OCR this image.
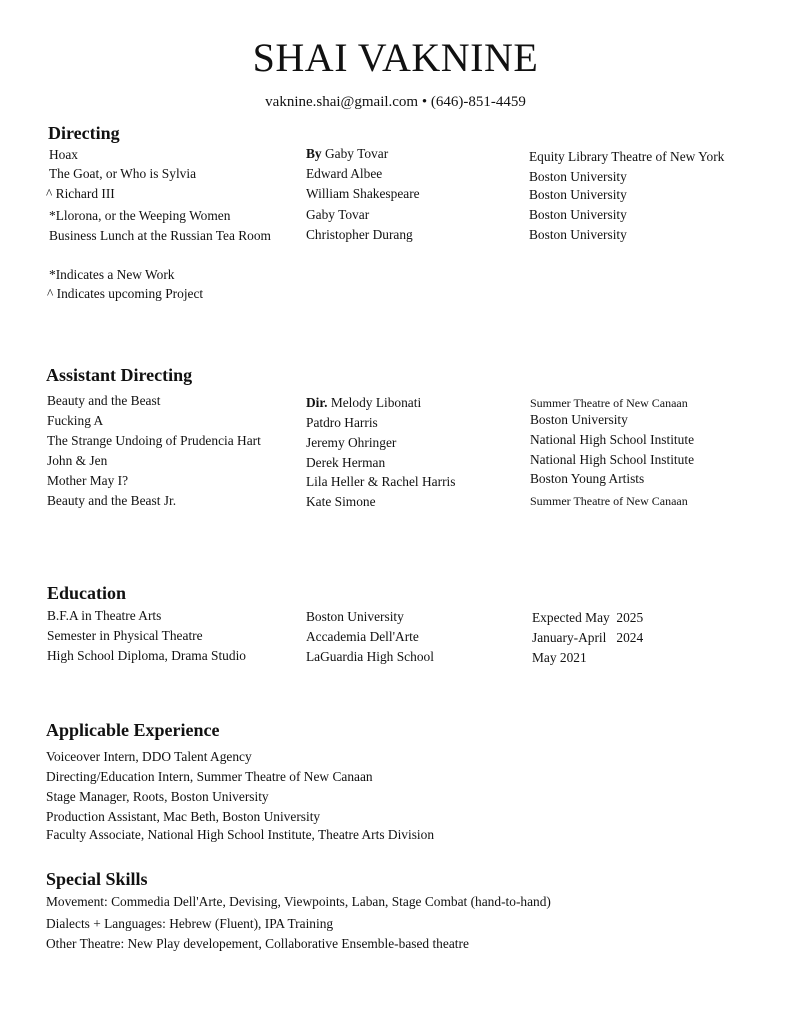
SHAI VAKNINE
vaknine.shai@gmail.com • (646)-851-4459
Directing
Hoax	By Gaby Tovar	Equity Library Theatre of New York
The Goat, or Who is Sylvia	Edward Albee	Boston University
^ Richard III	William Shakespeare	Boston University
*Llorona, or the Weeping Women	Gaby Tovar	Boston University
Business Lunch at the Russian Tea Room	Christopher Durang	Boston University
*Indicates a New Work
^ Indicates upcoming Project
Assistant Directing
Beauty and the Beast	Dir. Melody Libonati	Summer Theatre of New Canaan
Fucking A	Patdro Harris	Boston University
The Strange Undoing of Prudencia Hart	Jeremy Ohringer	National High School Institute
John & Jen	Derek Herman	National High School Institute
Mother May I?	Lila Heller & Rachel Harris	Boston Young Artists
Beauty and the Beast Jr.	Kate Simone	Summer Theatre of New Canaan
Education
B.F.A in Theatre Arts	Boston University	Expected May  2025
Semester in Physical Theatre	Accademia Dell'Arte	January-April   2024
High School Diploma, Drama Studio	LaGuardia High School	May 2021
Applicable Experience
Voiceover Intern, DDO Talent Agency
Directing/Education Intern, Summer Theatre of New Canaan
Stage Manager, Roots, Boston University
Production Assistant, Mac Beth, Boston University
Faculty Associate, National High School Institute, Theatre Arts Division
Special Skills
Movement: Commedia Dell'Arte, Devising, Viewpoints, Laban, Stage Combat (hand-to-hand)
Dialects + Languages: Hebrew (Fluent), IPA Training
Other Theatre: New Play developement, Collaborative Ensemble-based theatre
